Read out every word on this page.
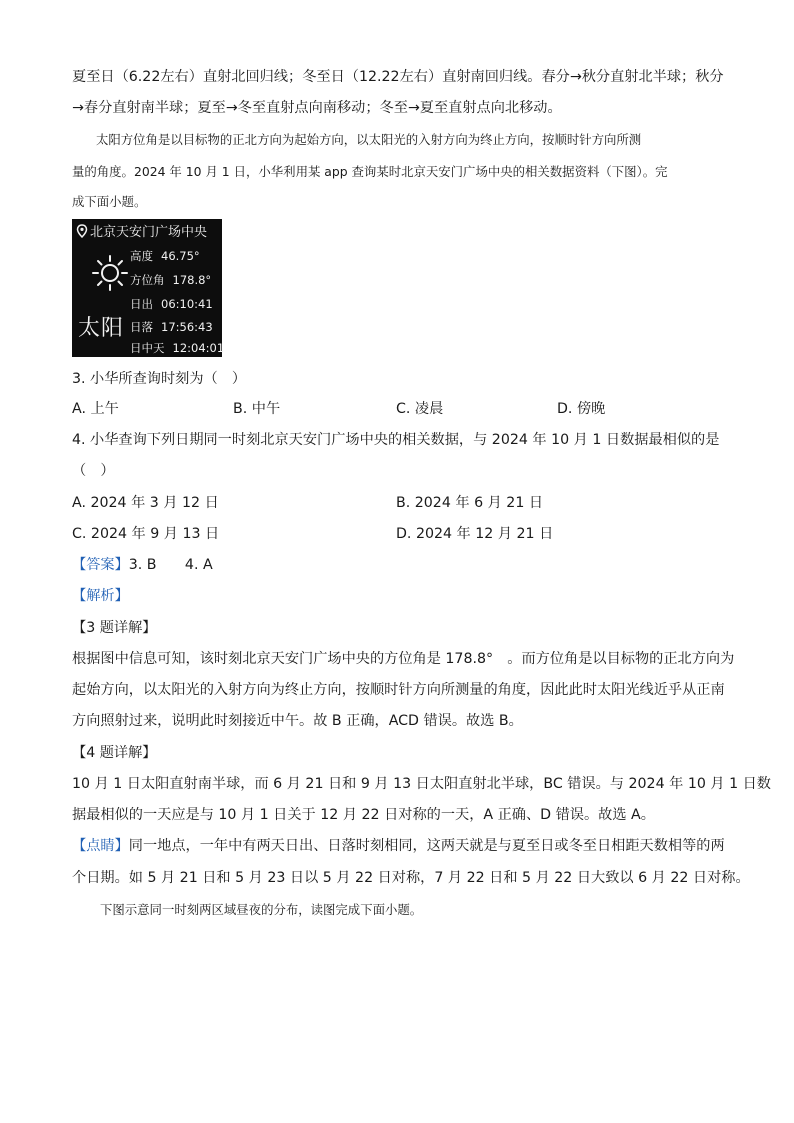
夏至日（6.22左右）直射北回归线；冬至日（12.22左右）直射南回归线。春分→秋分直射北半球；秋分
→春分直射南半球；夏至→冬至直射点向南移动；冬至→夏至直射点向北移动。
太阳方位角是以目标物的正北方向为起始方向，以太阳光的入射方向为终止方向，按顺时针方向所测
量的角度。2024 年 10 月 1 日，小华利用某 app 查询某时北京天安门广场中央的相关数据资料（下图）。完
成下面小题。
北京天安门广场中央
太阳
高度 46.75°
方位角 178.8°
日出 06:10:41
日落 17:56:43
日中天 12:04:01
3. 小华所查询时刻为（　）
A. 上午	B. 中午	C. 凌晨	D. 傍晚
4. 小华查询下列日期同一时刻北京天安门广场中央的相关数据，与 2024 年 10 月 1 日数据最相似的是
（　）
A. 2024 年 3 月 12 日	B. 2024 年 6 月 21 日
C. 2024 年 9 月 13 日	D. 2024 年 12 月 21 日
【答案】3. B　　4. A
【解析】
【3 题详解】
根据图中信息可知，该时刻北京天安门广场中央的方位角是 178.8°　。而方位角是以目标物的正北方向为
起始方向，以太阳光的入射方向为终止方向，按顺时针方向所测量的角度，因此此时太阳光线近乎从正南
方向照射过来，说明此时刻接近中午。故 B 正确，ACD 错误。故选 B。
【4 题详解】
10 月 1 日太阳直射南半球，而 6 月 21 日和 9 月 13 日太阳直射北半球，BC 错误。与 2024 年 10 月 1 日数
据最相似的一天应是与 10 月 1 日关于 12 月 22 日对称的一天，A 正确、D 错误。故选 A。
【点睛】同一地点，一年中有两天日出、日落时刻相同，这两天就是与夏至日或冬至日相距天数相等的两
个日期。如 5 月 21 日和 5 月 23 日以 5 月 22 日对称，7 月 22 日和 5 月 22 日大致以 6 月 22 日对称。
下图示意同一时刻两区域昼夜的分布，读图完成下面小题。
